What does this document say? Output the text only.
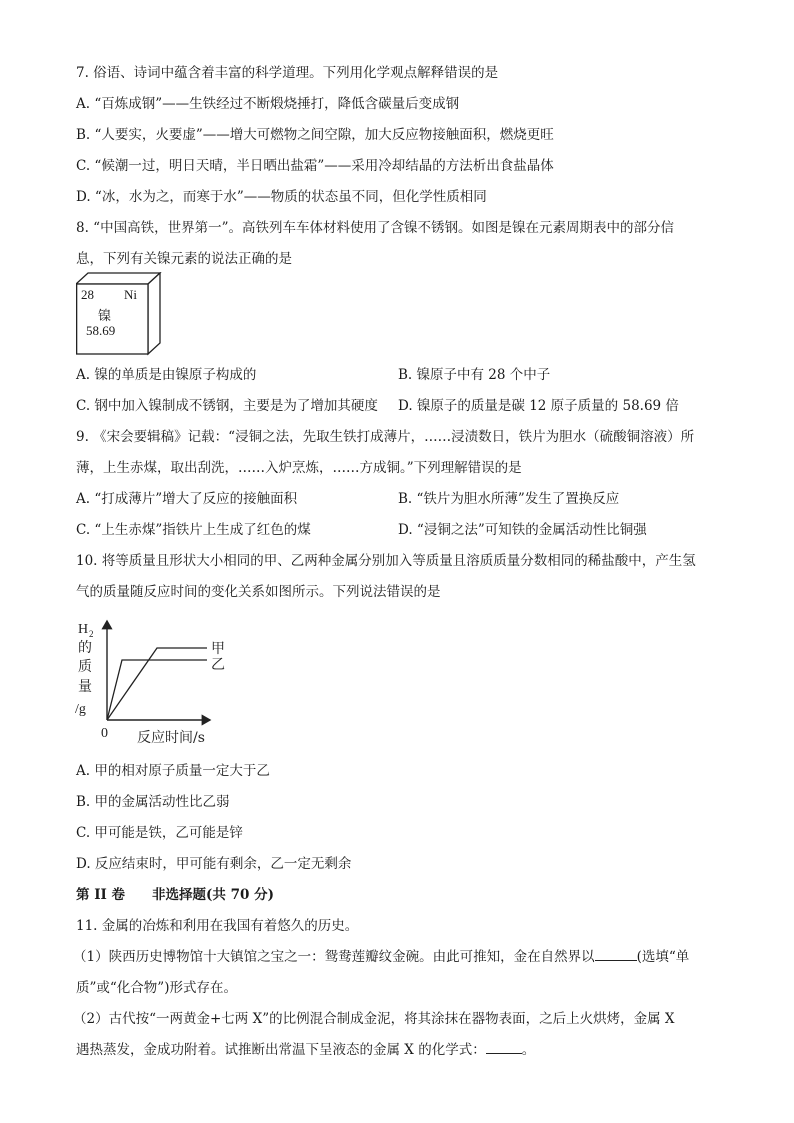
7. 俗语、诗词中蕴含着丰富的科学道理。下列用化学观点解释错误的是
A. “百炼成钢”——生铁经过不断煅烧捶打，降低含碳量后变成钢
B. “人要实，火要虚”——增大可燃物之间空隙，加大反应物接触面积，燃烧更旺
C. “候潮一过，明日天晴，半日晒出盐霜”——采用冷却结晶的方法析出食盐晶体
D. “冰，水为之，而寒于水”——物质的状态虽不同，但化学性质相同
8. “中国高铁，世界第一”。高铁列车车体材料使用了含镍不锈钢。如图是镍在元素周期表中的部分信
息，下列有关镍元素的说法正确的是
28 Ni
镍
58.69
A. 镍的单质是由镍原子构成的	B. 镍原子中有 28 个中子
C. 钢中加入镍制成不锈钢，主要是为了增加其硬度 D. 镍原子的质量是碳 12 原子质量的 58.69 倍
9. 《宋会要辑稿》记载：“浸铜之法，先取生铁打成薄片，……浸渍数日，铁片为胆水（硫酸铜溶液）所
薄，上生赤煤，取出刮洗，……入炉烹炼，……方成铜。”下列理解错误的是
A. “打成薄片”增大了反应的接触面积	B. “铁片为胆水所薄”发生了置换反应
C. “上生赤煤”指铁片上生成了红色的煤	D. “浸铜之法”可知铁的金属活动性比铜强
10. 将等质量且形状大小相同的甲、乙两种金属分别加入等质量且溶质质量分数相同的稀盐酸中，产生氢
气的质量随反应时间的变化关系如图所示。下列说法错误的是
甲
乙
H
的
质
量
/g
2
0 反应时间/s
A. 甲的相对原子质量一定大于乙
B. 甲的金属活动性比乙弱
C. 甲可能是铁，乙可能是锌
D. 反应结束时，甲可能有剩余，乙一定无剩余
第 II 卷　　非选择题(共 70 分)
11. 金属的冶炼和利用在我国有着悠久的历史。
（1）陕西历史博物馆十大镇馆之宝之一：鸳鸯莲瓣纹金碗。由此可推知，金在自然界以	(选填“单
质”或“化合物”)形式存在。
（2）古代按“一两黄金+七两 X”的比例混合制成金泥，将其涂抹在器物表面，之后上火烘烤，金属 X
遇热蒸发，金成功附着。试推断出常温下呈液态的金属 X 的化学式：	。
